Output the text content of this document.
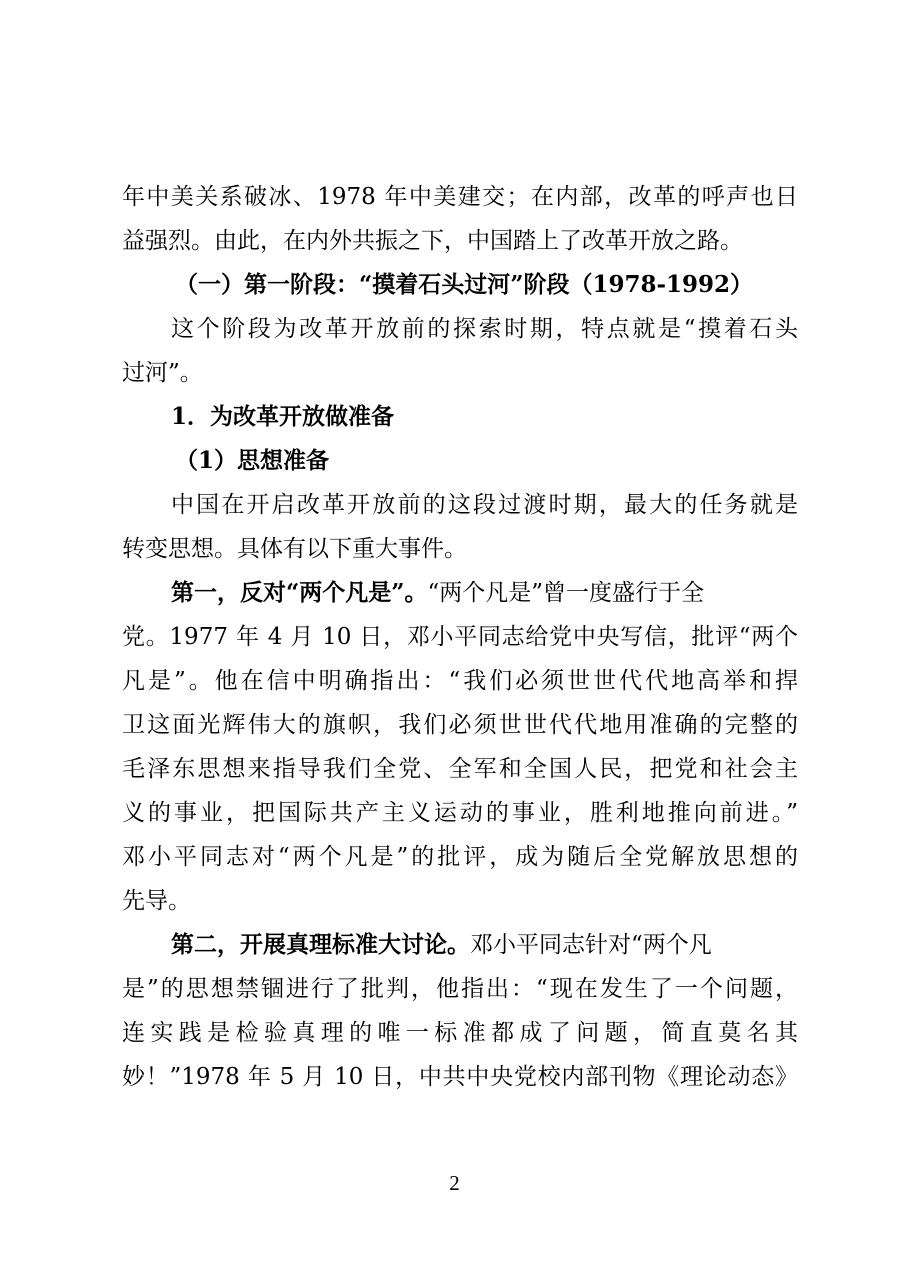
年中美关系破冰、1978 年中美建交；在内部，改革的呼声也日
益强烈。由此，在内外共振之下，中国踏上了改革开放之路。
（一）第一阶段：“摸着石头过河”阶段（1978-1992）
这个阶段为改革开放前的探索时期，特点就是“摸着石头
过河”。
1．为改革开放做准备
（1）思想准备
中国在开启改革开放前的这段过渡时期，最大的任务就是
转变思想。具体有以下重大事件。
第一，反对“两个凡是”。“两个凡是”曾一度盛行于全
党。1977 年 4 月 10 日，邓小平同志给党中央写信，批评“两个
凡是”。他在信中明确指出：“我们必须世世代代地高举和捍
卫这面光辉伟大的旗帜，我们必须世世代代地用准确的完整的
毛泽东思想来指导我们全党、全军和全国人民，把党和社会主
义的事业，把国际共产主义运动的事业，胜利地推向前进。”
邓小平同志对“两个凡是”的批评，成为随后全党解放思想的
先导。
第二，开展真理标准大讨论。邓小平同志针对“两个凡
是”的思想禁锢进行了批判，他指出：“现在发生了一个问题，
连实践是检验真理的唯一标准都成了问题，简直莫名其
妙！”1978 年 5 月 10 日，中共中央党校内部刊物《理论动态》
2
